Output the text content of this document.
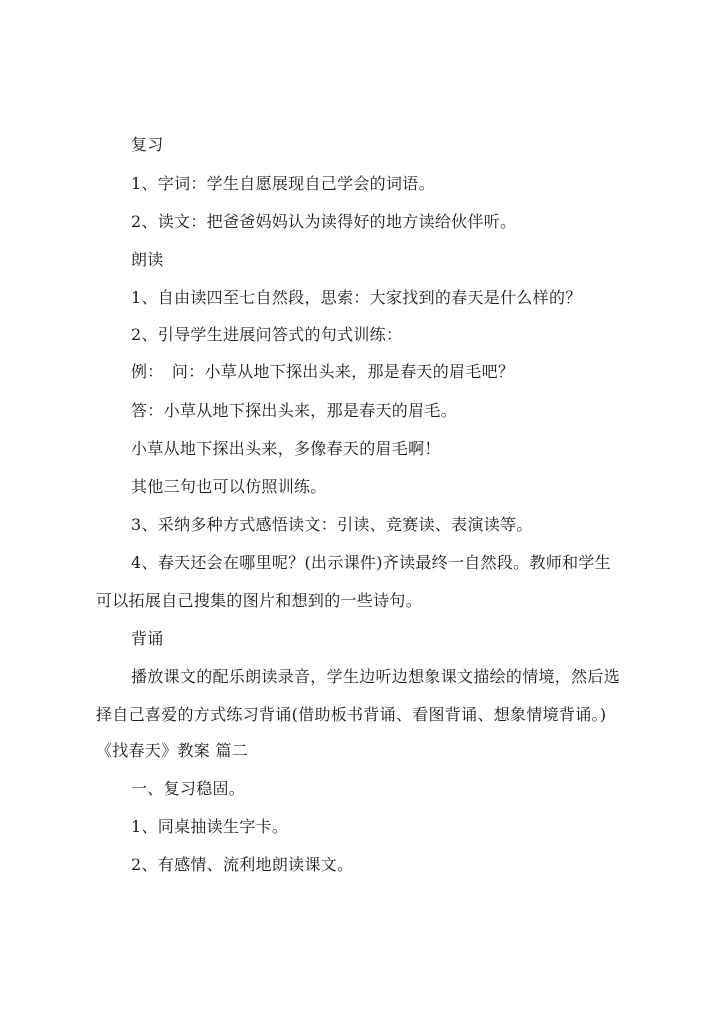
复习
1、字词：学生自愿展现自己学会的词语。
2、读文：把爸爸妈妈认为读得好的地方读给伙伴听。
朗读
1、自由读四至七自然段，思索：大家找到的春天是什么样的？
2、引导学生进展问答式的句式训练：
例：　问：小草从地下探出头来，那是春天的眉毛吧？
答：小草从地下探出头来，那是春天的眉毛。
小草从地下探出头来，多像春天的眉毛啊！
其他三句也可以仿照训练。
3、采纳多种方式感悟读文：引读、竞赛读、表演读等。
4、春天还会在哪里呢？(出示课件)齐读最终一自然段。教师和学生
可以拓展自己搜集的图片和想到的一些诗句。
背诵
播放课文的配乐朗读录音，学生边听边想象课文描绘的情境，然后选
择自己喜爱的方式练习背诵(借助板书背诵、看图背诵、想象情境背诵。)
《找春天》教案 篇二
一、复习稳固。
1、同桌抽读生字卡。
2、有感情、流利地朗读课文。
